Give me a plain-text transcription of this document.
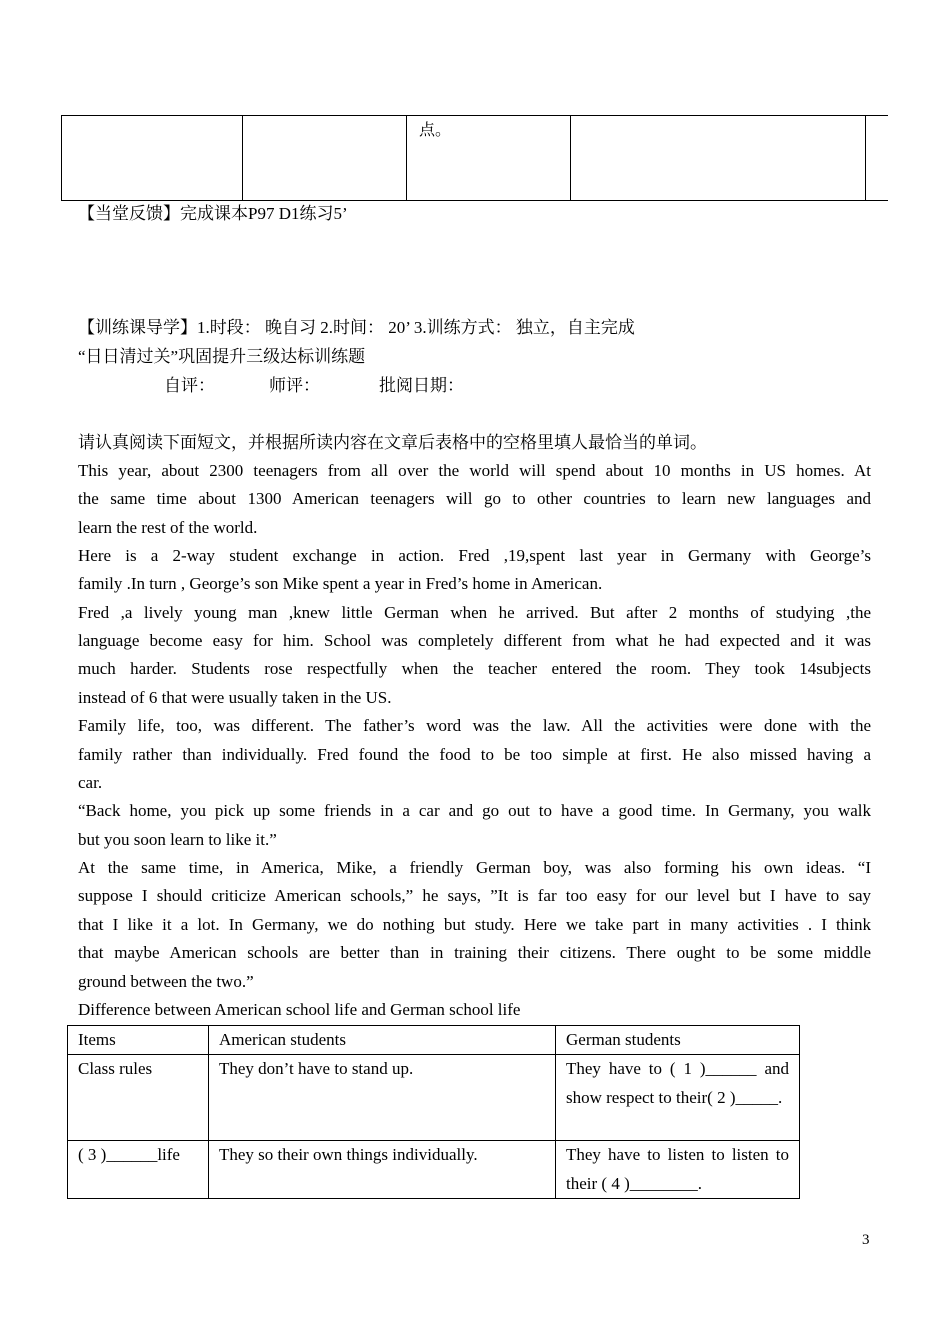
点。

【当堂反馈】完成课本P97 D1练习5’
【训练课导学】1.时段： 晚自习 2.时间： 20’ 3.训练方式： 独立，自主完成
“日日清过关”巩固提升三级达标训练题
自评：	师评：	批阅日期：
请认真阅读下面短文，并根据所读内容在文章后表格中的空格里填人最恰当的单词。
This year, about 2300 teenagers from all over the world will spend about 10 months in US homes. At
the same time about 1300 American teenagers will go to other countries to learn new languages and
learn the rest of the world.
Here is a 2-way student exchange in action. Fred ,19,spent last year in Germany with George’s
family .In turn , George’s son Mike spent a year in Fred’s home in American.
Fred ,a lively young man ,knew little German when he arrived. But after 2 months of studying ,the
language become easy for him. School was completely different from what he had expected and it was
much harder. Students rose respectfully when the teacher entered the room. They took 14subjects
instead of 6 that were usually taken in the US.
Family life, too, was different. The father’s word was the law. All the activities were done with the
family rather than individually. Fred found the food to be too simple at first. He also missed having a
car.
“Back home, you pick up some friends in a car and go out to have a good time. In Germany, you walk
but you soon learn to like it.”
At the same time, in America, Mike, a friendly German boy, was also forming his own ideas. “I
suppose I should criticize American schools,” he says, ”It is far too easy for our level but I have to say
that I like it a lot. In Germany, we do nothing but study. Here we take part in many activities . I think
that maybe American schools are better than in training their citizens. There ought to be some middle
ground between the two.”
Difference between American school life and German school life
Items	American students	German students
Class rules	They don’t have to stand up.	They have to ( 1 )______ and show respect to their( 2 )_____.
( 3 )______life	They so their own things individually.	They have to listen to listen to their ( 4 )________.
3
